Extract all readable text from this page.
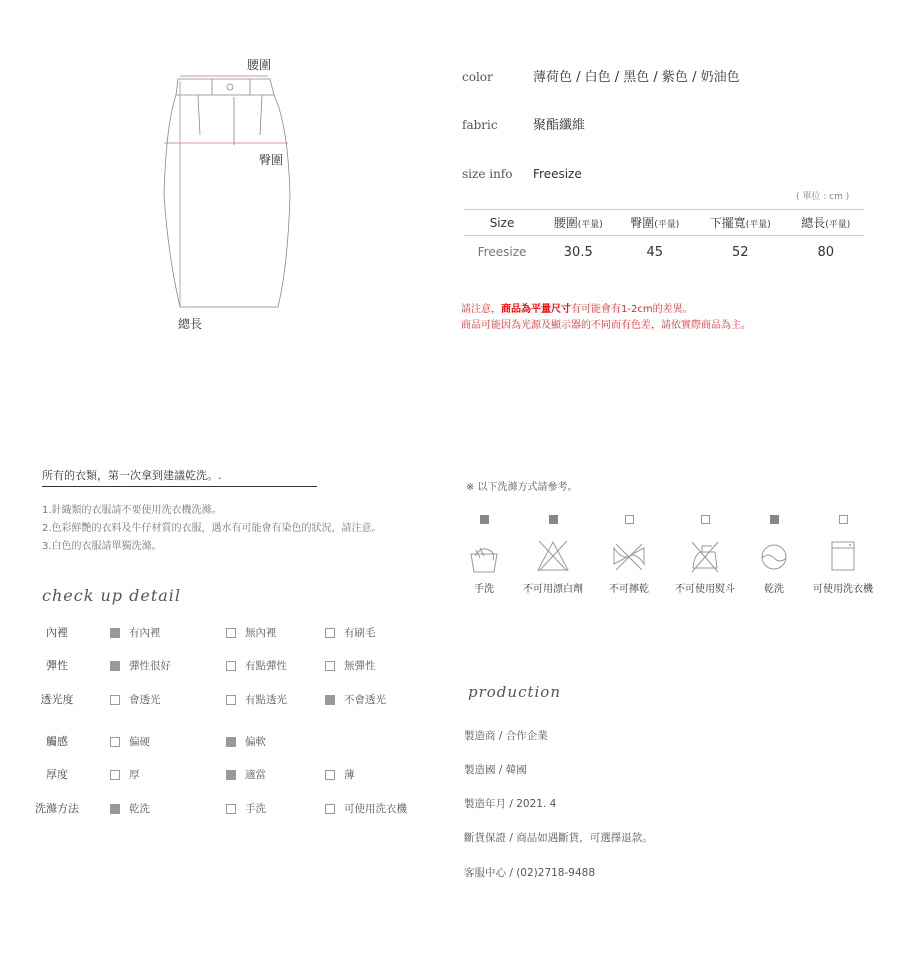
腰圍
臀圍
總長
color	薄荷色 / 白色 / 黑色 / 紫色 / 奶油色
fabric	聚酯纖維
size info Freesize
( 單位 : cm )
Size	腰圍(平量)	臀圍(平量)	下擺寬(平量)	總長(平量)
Freesize	30.5	45	52	80
請注意，商品為平量尺寸有可能會有1-2cm的差異。
商品可能因為光源及顯示器的不同而有色差，請依實際商品為主。
所有的衣類，第一次拿到建議乾洗。.
1.針織類的衣服請不要使用洗衣機洗滌。
2.色彩鮮艷的衣料及牛仔材質的衣服，遇水有可能會有染色的狀況，請注意。
3.白色的衣服請單獨洗滌。
check up detail
內裡	有內裡	無內裡	有刷毛
彈性	彈性很好	有點彈性	無彈性
透光度	會透光	有點透光	不會透光
觸感	偏硬	偏軟
厚度	厚	適當	薄
洗滌方法	乾洗	手洗	可使用洗衣機
※ 以下洗滌方式請參考。
手洗	不可用漂白劑	不可擰乾	不可使用熨斗	乾洗	可使用洗衣機
production
製造商 / 合作企業
製造國 / 韓國
製造年月 / 2021. 4
斷貨保證 / 商品如遇斷貨，可選擇退款。
客服中心 / (02)2718-9488
